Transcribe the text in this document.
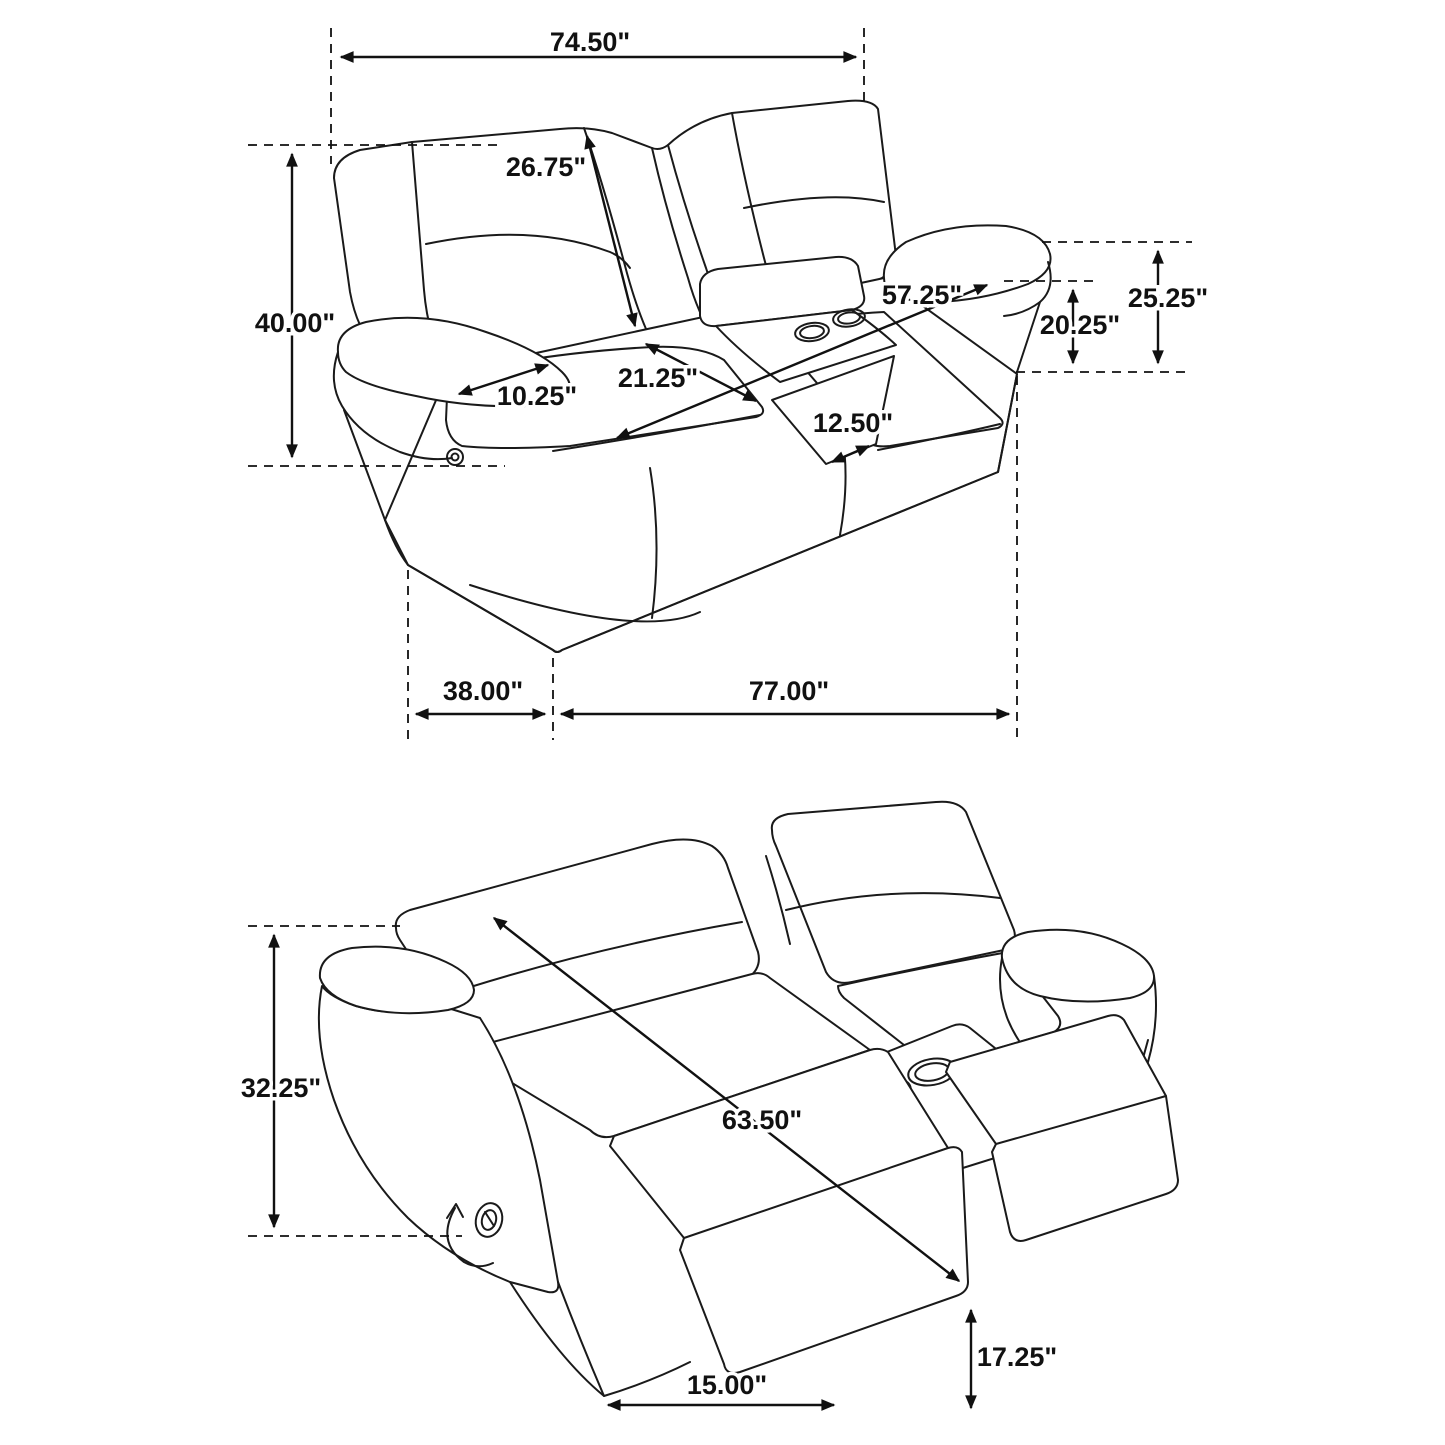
74.50"
26.75"
40.00"
57.25"	25.25"
20.25"
10.25"
21.25"
12.50"
38.00"	77.00"
32.25"
63.50"
17.25"
15.00"
